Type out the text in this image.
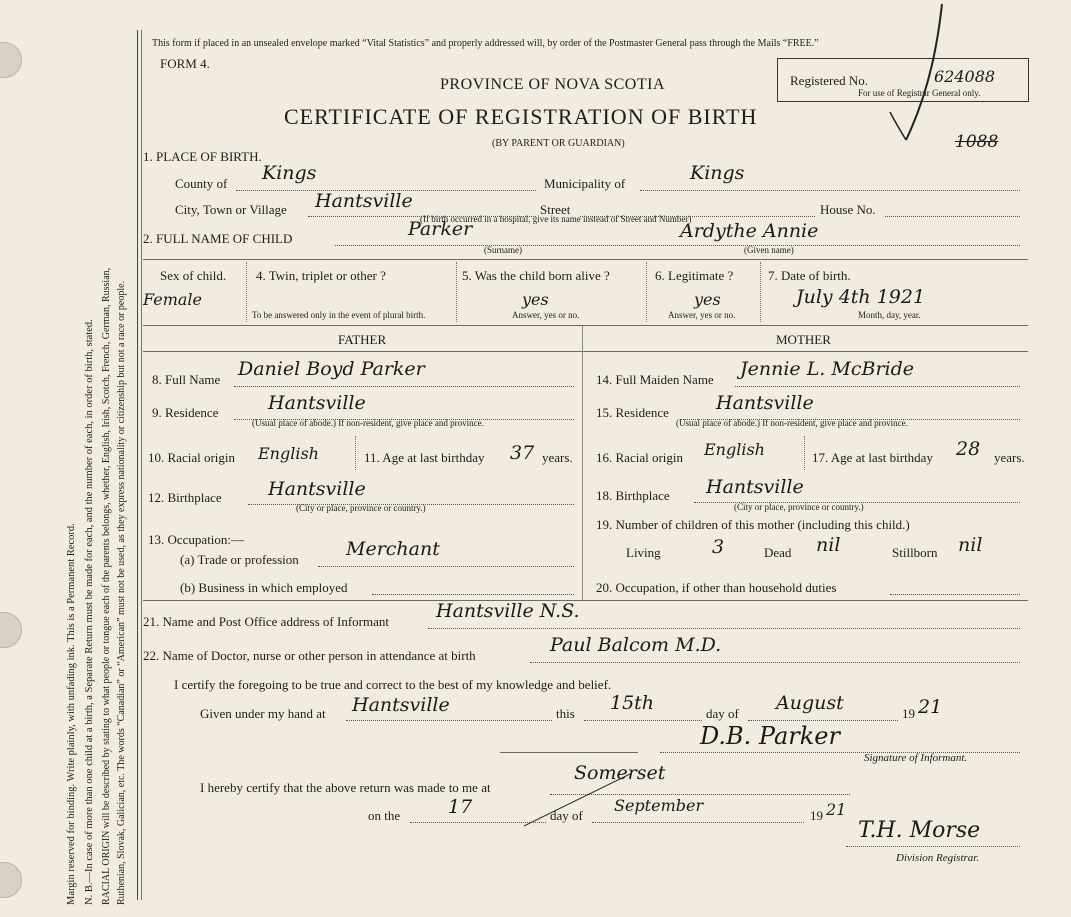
Margin reserved for binding. Write plainly, with unfading ink. This is a Permanent Record. N. B.—In case of more than one child at a birth, a Separate Return must be made for each, and the number of each, in order of birth, stated. RACIAL ORIGIN will be described by stating to what people or tongue each of the parents belongs, whether, English, Irish, Scotch, French, German, Russian, Ruthenian, Slovak, Galician, etc. The words “Canadian” or “American” must not be used, as they express nationality or citizenship but not a race or people.
This form if placed in an unsealed envelope marked “Vital Statistics” and properly addressed will, by order of the Postmaster General pass through the Mails “FREE.”
FORM 4.
PROVINCE OF NOVA SCOTIA
CERTIFICATE OF REGISTRATION OF BIRTH
(BY PARENT OR GUARDIAN)
Registered No.	624088
For use of Registrar General only.
1088
1. PLACE OF BIRTH.
County of Kings	Municipality of	Kings
City, Town or Village Hantsville	Street	House No.
(If birth occurred in a hospital, give its name instead of Street and Number)
2. FULL NAME OF CHILD	Parker	Ardythe Annie
(Surname)	(Given name)
Sex of child.
Female
4. Twin, triplet or other ?
To be answered only in the event of plural birth.
5. Was the child born alive ?
yes
Answer, yes or no.
6. Legitimate ?
yes
Answer, yes or no.
7. Date of birth.
July 4th 1921
Month, day, year.
FATHER	MOTHER
8. Full Name Daniel Boyd Parker
9. Residence	Hantsville
(Usual place of abode.) If non-resident, give place and province.
10. Racial origin English	11. Age at last birthday 37 years.
12. Birthplace Hantsville
(City or place, province or country.)
13. Occupation:—
(a) Trade or profession Merchant
(b) Business in which employed
14. Full Maiden Name Jennie L. McBride
15. Residence Hantsville
(Usual place of abode.) If non-resident, give place and province.
16. Racial origin English	17. Age at last birthday 28 years.
18. Birthplace Hantsville
(City or place, province or country.)
19. Number of children of this mother (including this child.)
Living	3	Dead nil	Stillborn nil
20. Occupation, if other than household duties
21. Name and Post Office address of Informant Hantsville N.S.
22. Name of Doctor, nurse or other person in attendance at birth	Paul Balcom M.D.
I certify the foregoing to be true and correct to the best of my knowledge and belief.
Given under my hand at Hantsville	this 15th	day of August	19 21
D.B. Parker
Signature of Informant.
I hereby certify that the above return was made to me at
Somerset
on the	17	day of
September
19 21
T.H. Morse
Division Registrar.
